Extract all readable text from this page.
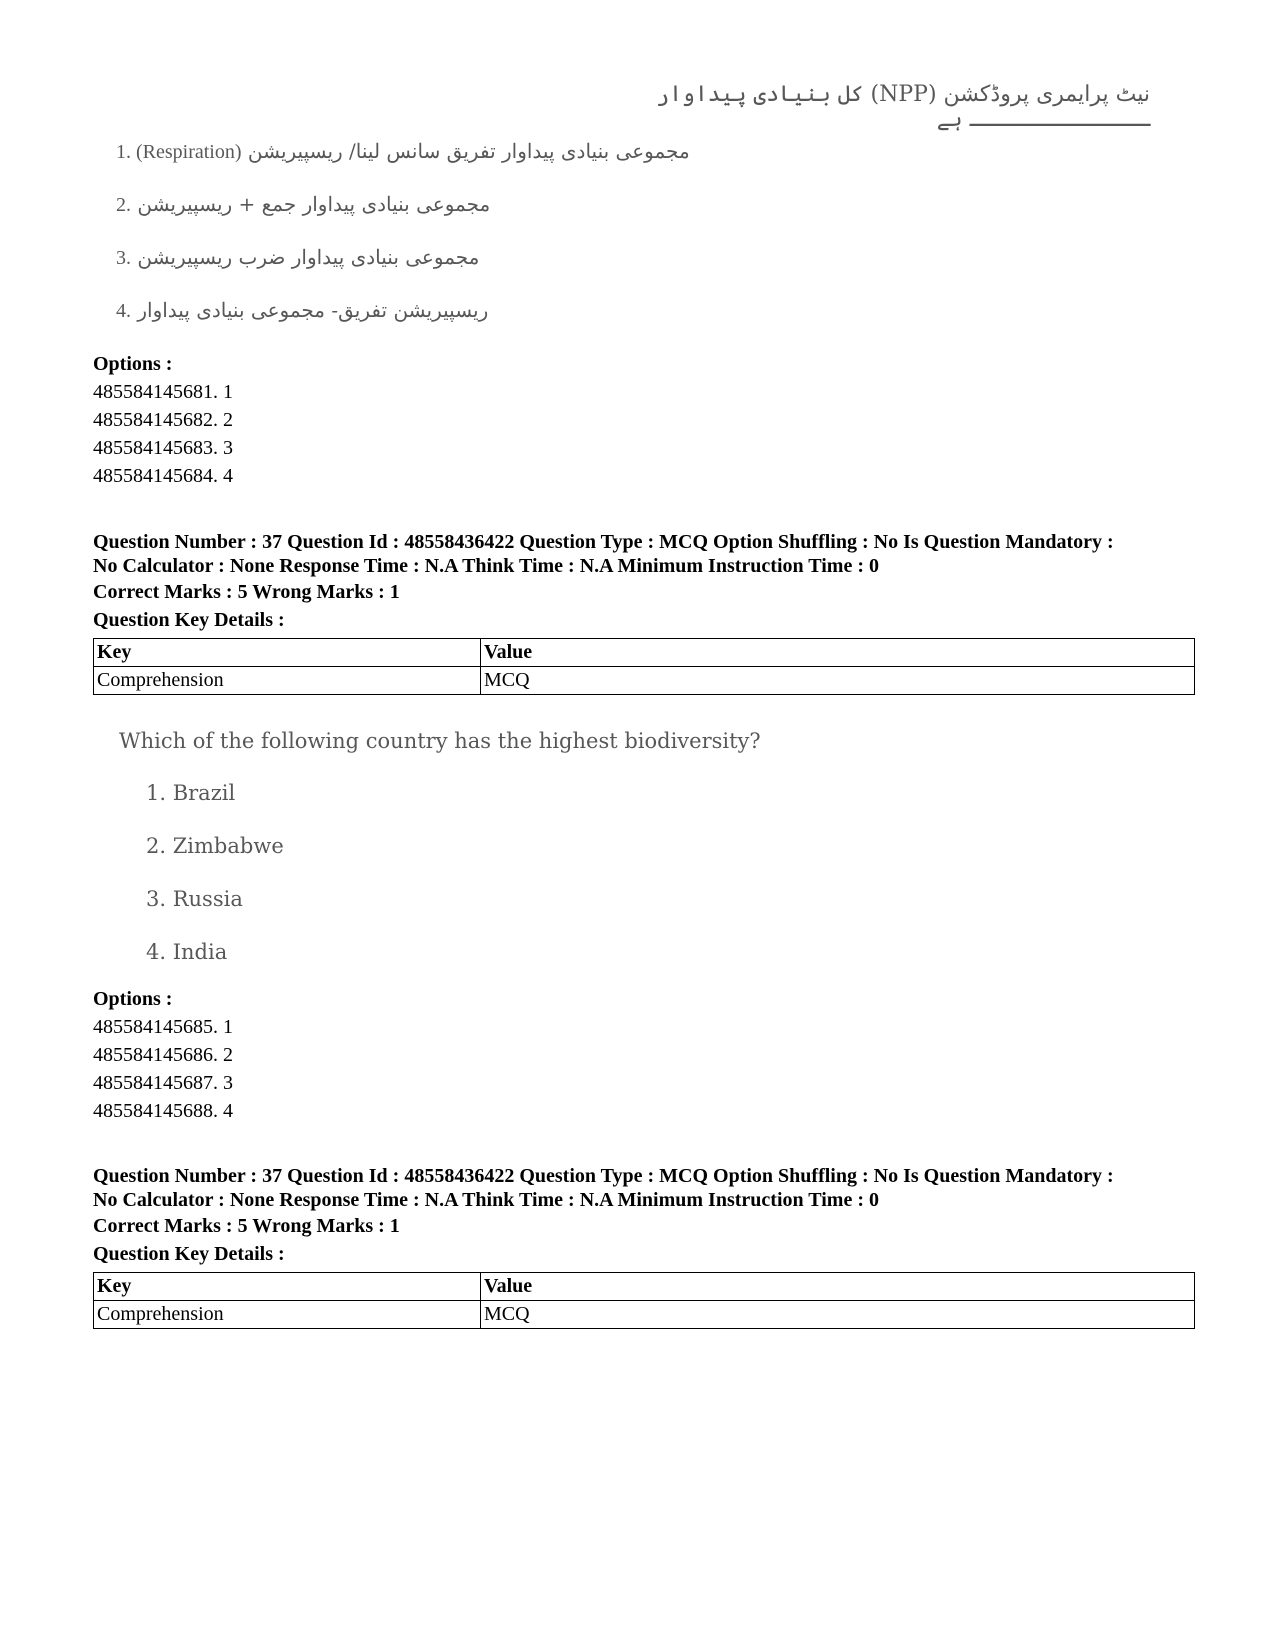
نیٹ پرایمری پروڈکشن (NPP) کل بنیادی پیداوار ــــــــــــــ ہے
1. (Respiration) مجموعی بنیادی پیداوار تفریق سانس لینا/ ریسپیریشن
2. مجموعی بنیادی پیداوار جمع + ریسپیریشن
3. مجموعی بنیادی پیداوار ضرب ریسپیریشن
4. ریسپیریشن تفریق- مجموعی بنیادی پیداوار
Options :
485584145681. 1
485584145682. 2
485584145683. 3
485584145684. 4
Question Number : 37 Question Id : 48558436422 Question Type : MCQ Option Shuffling : No Is Question Mandatory :
No Calculator : None Response Time : N.A Think Time : N.A Minimum Instruction Time : 0
Correct Marks : 5 Wrong Marks : 1
Question Key Details :
Key	Value
Comprehension	MCQ
Which of the following country has the highest biodiversity?
1. Brazil
2. Zimbabwe
3. Russia
4. India
Options :
485584145685. 1
485584145686. 2
485584145687. 3
485584145688. 4
Question Number : 37 Question Id : 48558436422 Question Type : MCQ Option Shuffling : No Is Question Mandatory :
No Calculator : None Response Time : N.A Think Time : N.A Minimum Instruction Time : 0
Correct Marks : 5 Wrong Marks : 1
Question Key Details :
Key	Value
Comprehension	MCQ
